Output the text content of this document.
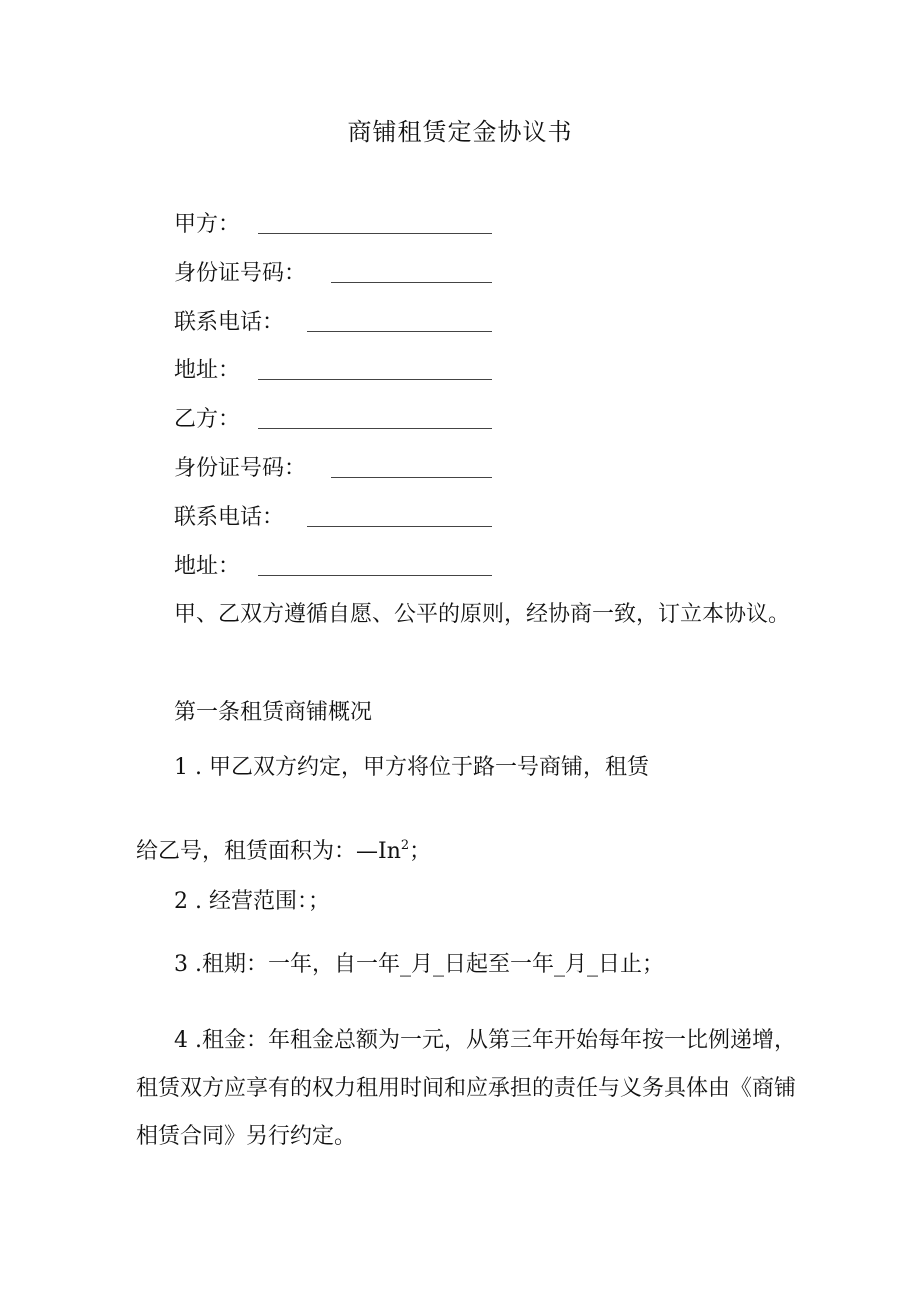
商铺租赁定金协议书
甲方：
身份证号码：
联系电话：
地址：
乙方：
身份证号码：
联系电话：
地址：
甲、乙双方遵循自愿、公平的原则，经协商一致，订立本协议。
第一条租赁商铺概况
1 . 甲乙双方约定，甲方将位于路一号商铺，租赁
给乙号，租赁面积为：—In$^2$；
2 . 经营范围：；
3 .租期：一年，自一年_月_日起至一年_月_日止；
4 .租金：年租金总额为一元，从第三年开始每年按一比例递增，租赁双方应享有的权力租用时间和应承担的责任与义务具体由《商铺相赁合同》另行约定。
